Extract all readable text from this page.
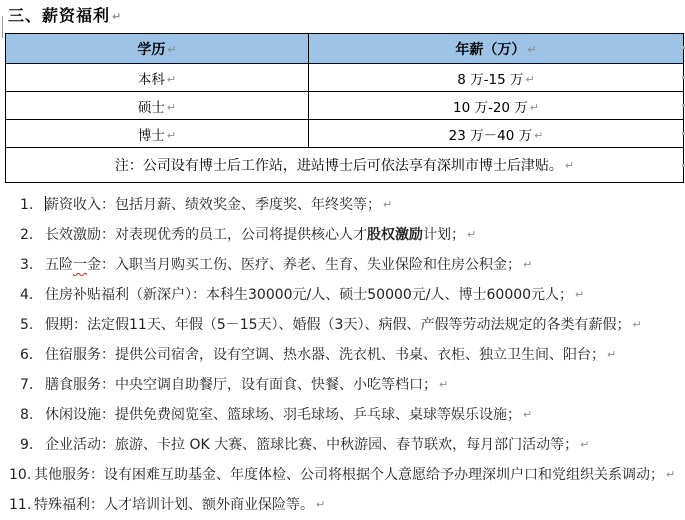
三、薪资福利 ↵
学历 ↵	年薪（万） ↵
本科 ↵	8 万-15 万 ↵
硕士 ↵	10 万-20 万 ↵
博士 ↵	23 万－40 万 ↵
注：公司设有博士后工作站，进站博士后可依法享有深圳市博士后津贴。 ↵	
1. 薪资收入：包括月薪、绩效奖金、季度奖、年终奖等； ↵
2. 长效激励：对表现优秀的员工，公司将提供核心人才股权激励计划； ↵
3. 五险一金：入职当月购买工伤、医疗、养老、生育、失业保险和住房公积金； ↵
4. 住房补贴福利（新深户）：本科生30000元/人、硕士50000元/人、博士60000元人； ↵
5. 假期：法定假11天、年假（5－15天）、婚假（3天）、病假、产假等劳动法规定的各类有薪假； ↵
6. 住宿服务：提供公司宿舍，设有空调、热水器、洗衣机、书桌、衣柜、独立卫生间、阳台； ↵
7. 膳食服务：中央空调自助餐厅，设有面食、快餐、小吃等档口； ↵
8. 休闲设施：提供免费阅览室、篮球场、羽毛球场、乒乓球、桌球等娱乐设施； ↵
9. 企业活动：旅游、卡拉 OK 大赛、篮球比赛、中秋游园、春节联欢，每月部门活动等； ↵
10. 其他服务：设有困难互助基金、年度体检、公司将根据个人意愿给予办理深圳户口和党组织关系调动； ↵
11. 特殊福利：人才培训计划、额外商业保险等。 ↵
